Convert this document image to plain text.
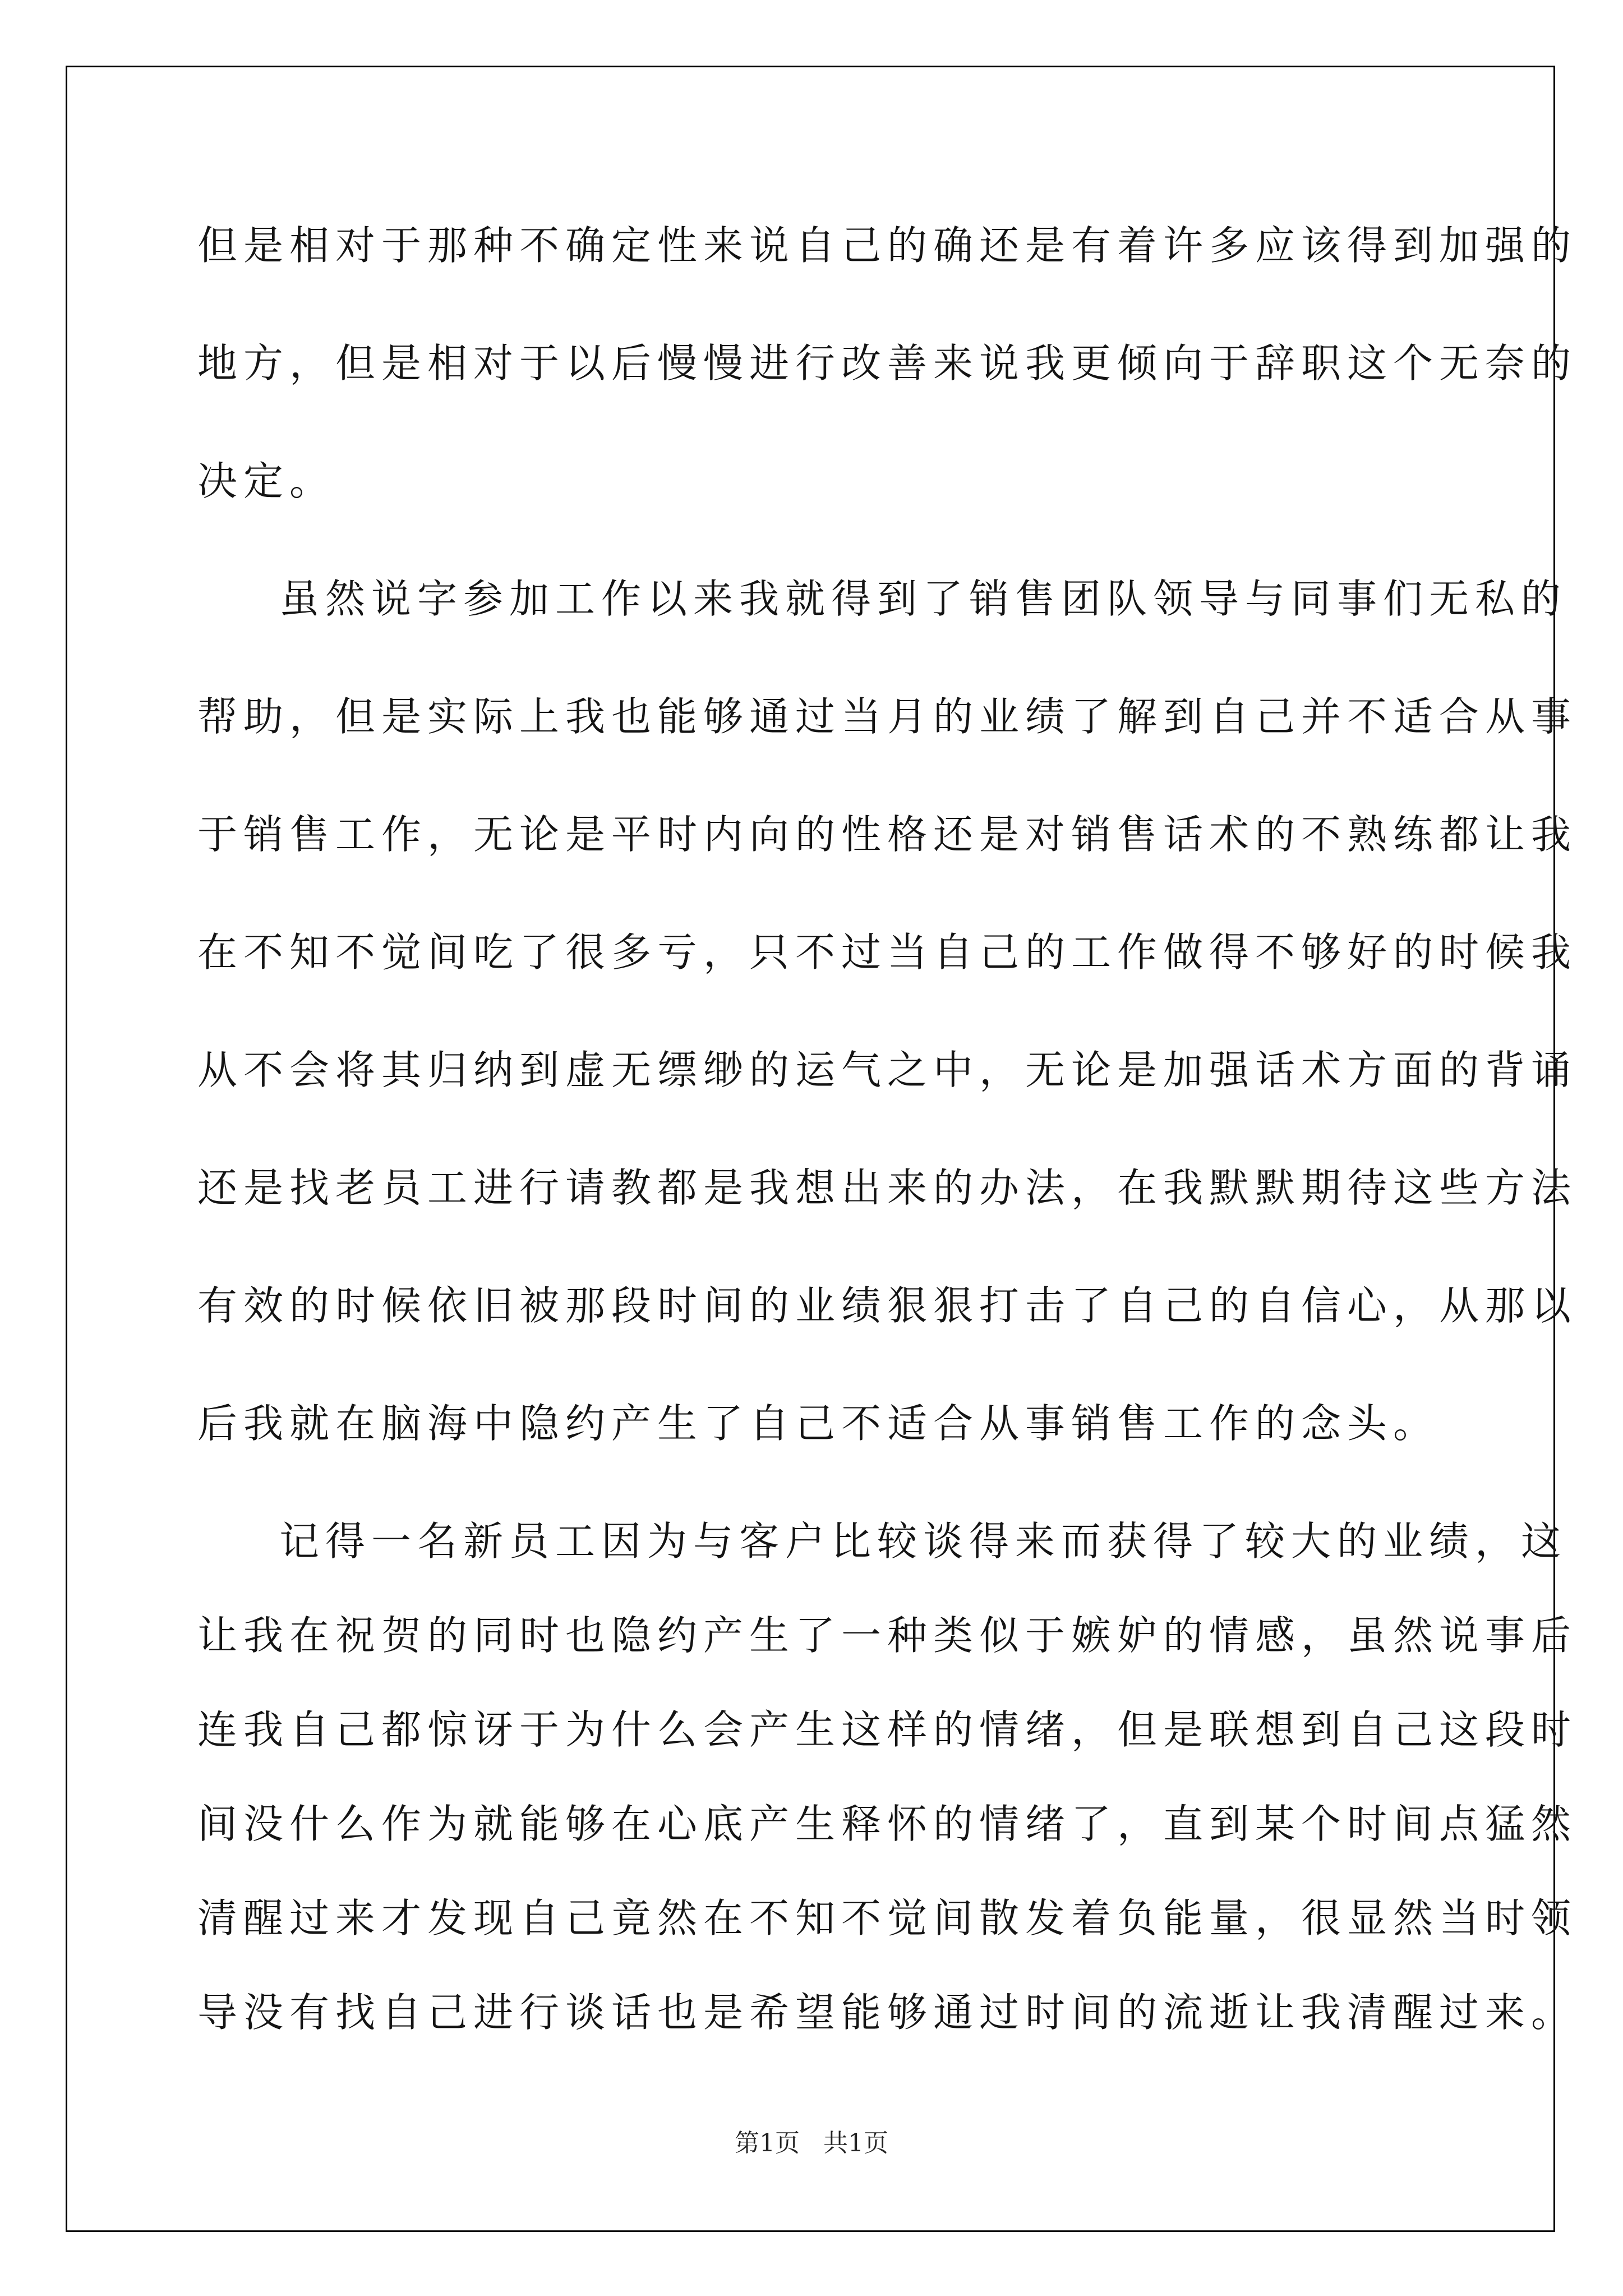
但是相对于那种不确定性来说自己的确还是有着许多应该得到加强的

地方，但是相对于以后慢慢进行改善来说我更倾向于辞职这个无奈的

决定。

虽然说字参加工作以来我就得到了销售团队领导与同事们无私的

帮助，但是实际上我也能够通过当月的业绩了解到自己并不适合从事

于销售工作，无论是平时内向的性格还是对销售话术的不熟练都让我

在不知不觉间吃了很多亏，只不过当自己的工作做得不够好的时候我

从不会将其归纳到虚无缥缈的运气之中，无论是加强话术方面的背诵

还是找老员工进行请教都是我想出来的办法，在我默默期待这些方法

有效的时候依旧被那段时间的业绩狠狠打击了自己的自信心，从那以

后我就在脑海中隐约产生了自己不适合从事销售工作的念头。

记得一名新员工因为与客户比较谈得来而获得了较大的业绩，这

让我在祝贺的同时也隐约产生了一种类似于嫉妒的情感，虽然说事后

连我自己都惊讶于为什么会产生这样的情绪，但是联想到自己这段时

间没什么作为就能够在心底产生释怀的情绪了，直到某个时间点猛然

清醒过来才发现自己竟然在不知不觉间散发着负能量，很显然当时领

导没有找自己进行谈话也是希望能够通过时间的流逝让我清醒过来。

第1页   共1页
